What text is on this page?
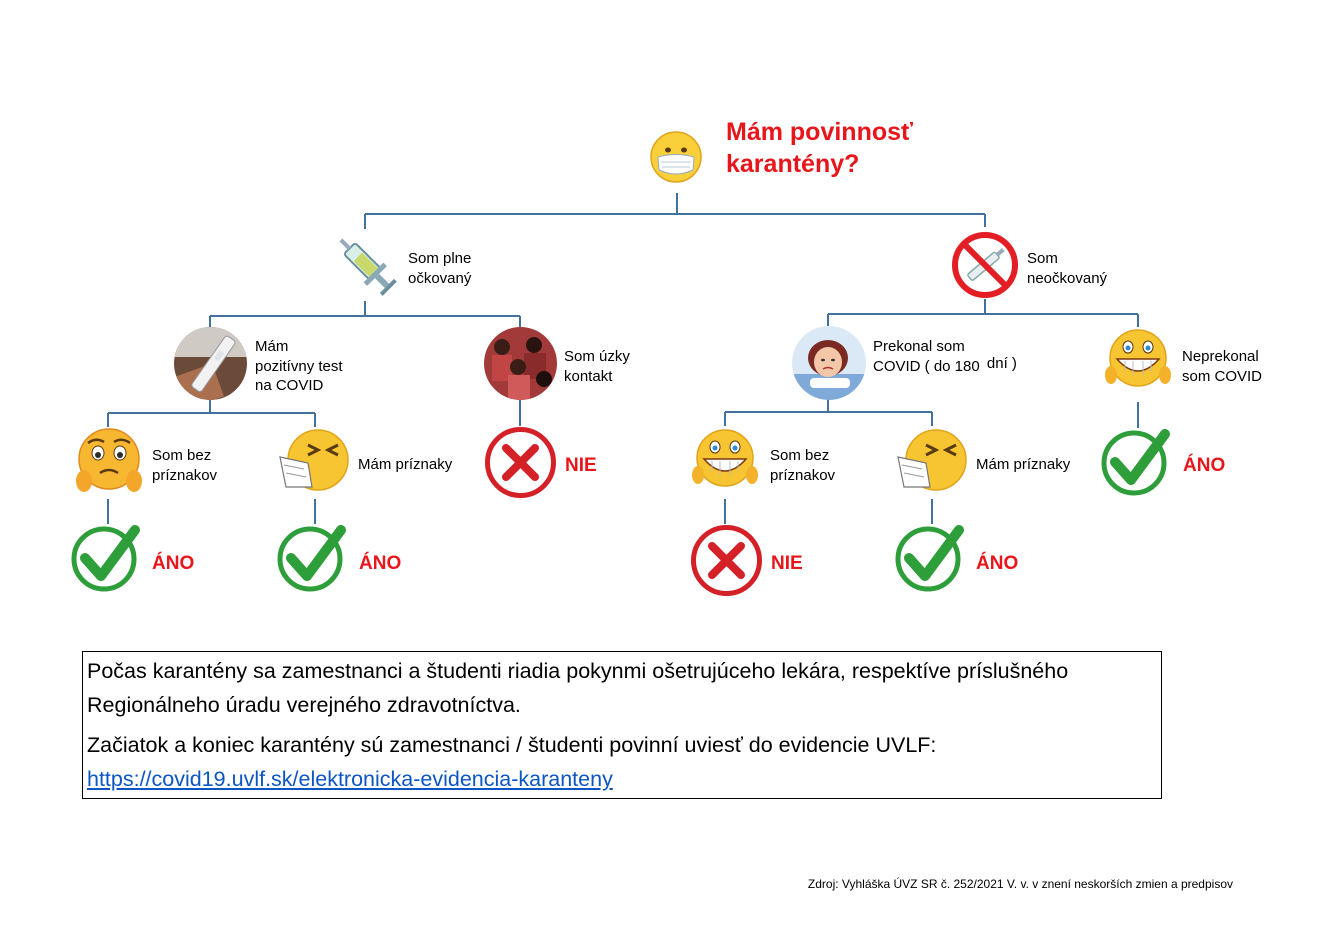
Mám povinnosť
karantény?
Som plne
očkovaný
Som
neočkovaný
Mám
pozitívny test
na COVID
Som úzky
kontakt
Prekonal som
COVID ( do 180 dní )	Neprekonal
som COVID
Som bez
príznakov
Mám príznaky	NIE	Som bez
príznakov
Mám príznaky	ÁNO
ÁNO	ÁNO	NIE	ÁNO

Počas karantény sa zamestnanci a študenti riadia pokynmi ošetrujúceho lekára, respektíve príslušného

Regionálneho úradu verejného zdravotníctva.

Začiatok a koniec karantény sú zamestnanci / študenti povinní uviesť do evidencie UVLF:

https://covid19.uvlf.sk/elektronicka-evidencia-karanteny
Zdroj: Vyhláška ÚVZ SR č. 252/2021 V. v. v znení neskorších zmien a predpisov
